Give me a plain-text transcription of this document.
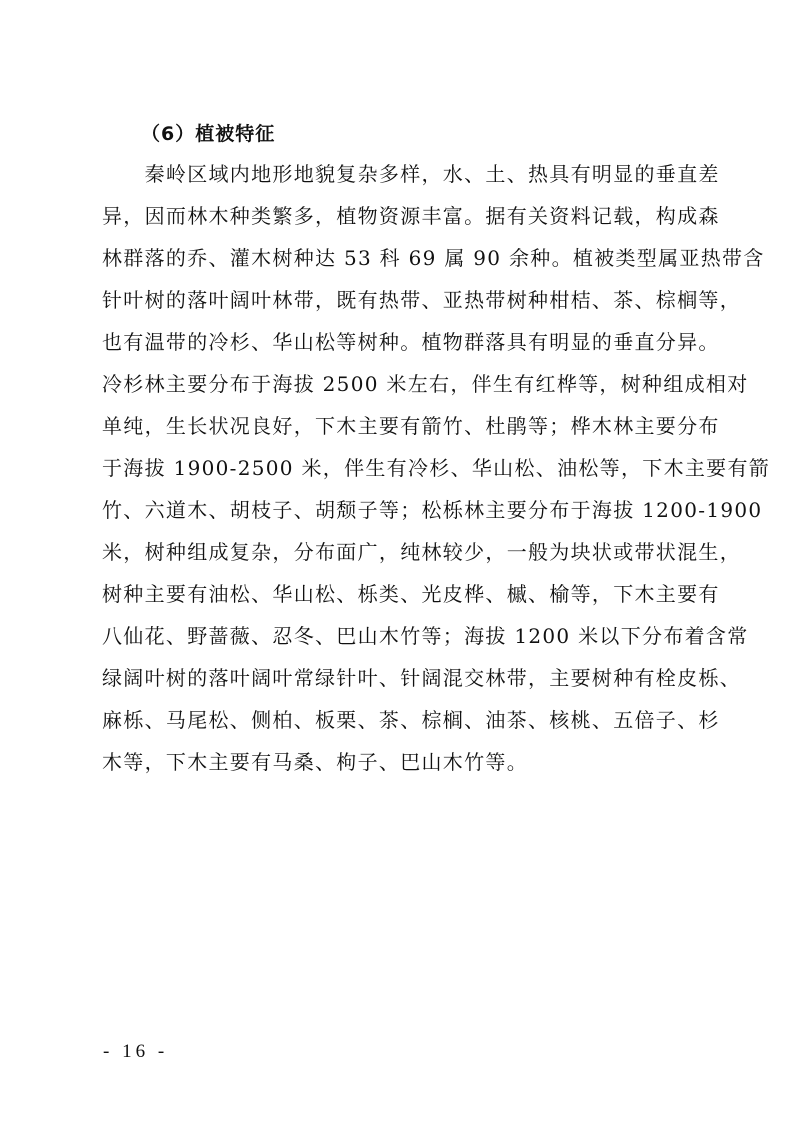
（6）植被特征
　　秦岭区域内地形地貌复杂多样，水、土、热具有明显的垂直差
异，因而林木种类繁多，植物资源丰富。据有关资料记载，构成森
林群落的乔、灌木树种达 53 科 69 属 90 余种。植被类型属亚热带含
针叶树的落叶阔叶林带，既有热带、亚热带树种柑桔、茶、棕榈等，
也有温带的冷杉、华山松等树种。植物群落具有明显的垂直分异。
冷杉林主要分布于海拔 2500 米左右，伴生有红桦等，树种组成相对
单纯，生长状况良好，下木主要有箭竹、杜鹃等；桦木林主要分布
于海拔 1900-2500 米，伴生有冷杉、华山松、油松等，下木主要有箭
竹、六道木、胡枝子、胡颓子等；松栎林主要分布于海拔 1200-1900
米，树种组成复杂，分布面广，纯林较少，一般为块状或带状混生，
树种主要有油松、华山松、栎类、光皮桦、槭、榆等，下木主要有
八仙花、野蔷薇、忍冬、巴山木竹等；海拔 1200 米以下分布着含常
绿阔叶树的落叶阔叶常绿针叶、针阔混交林带，主要树种有栓皮栎、
麻栎、马尾松、侧柏、板栗、茶、棕榈、油茶、核桃、五倍子、杉
木等，下木主要有马桑、枸子、巴山木竹等。
- 16 -
